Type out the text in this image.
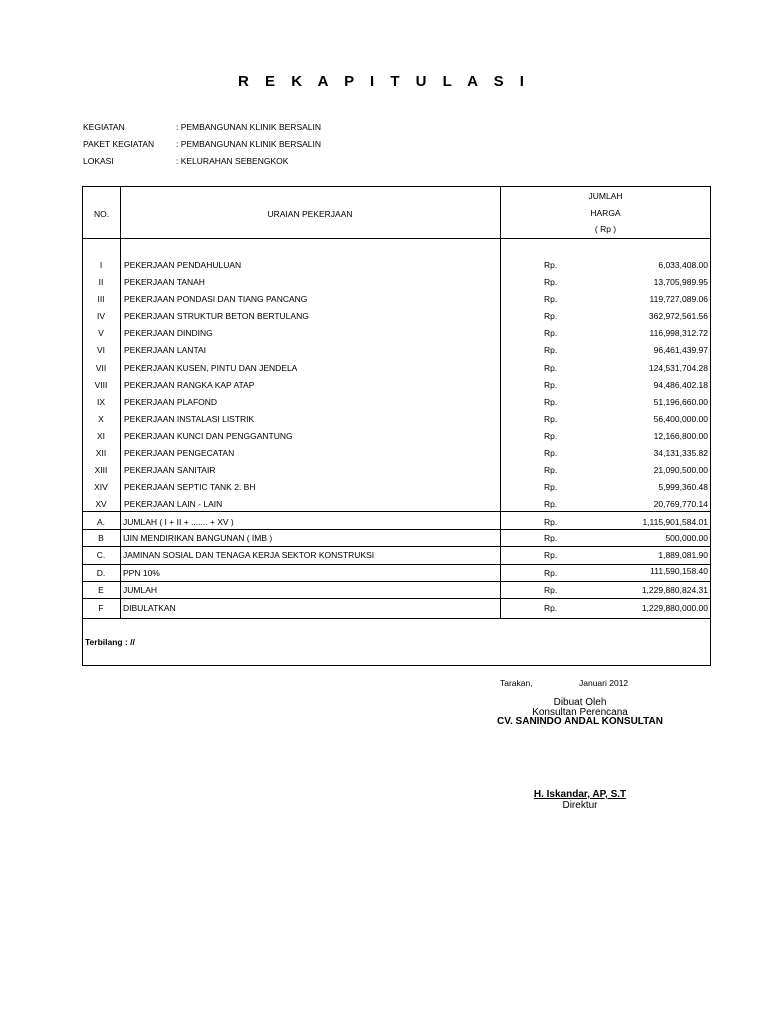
R E K A P I T U L A S I
KEGIATAN	: PEMBANGUNAN KLINIK BERSALIN
PAKET KEGIATAN	: PEMBANGUNAN KLINIK BERSALIN
LOKASI	: KELURAHAN SEBENGKOK
NO.	URAIAN PEKERJAAN
JUMLAH
HARGA
( Rp )
I	PEKERJAAN PENDAHULUAN	Rp.	6,033,408.00
II	PEKERJAAN TANAH	Rp.	13,705,989.95
III	PEKERJAAN PONDASI DAN TIANG PANCANG	Rp.	119,727,089.06
IV	PEKERJAAN STRUKTUR BETON BERTULANG	Rp.	362,972,561.56
V	PEKERJAAN DINDING	Rp.	116,998,312.72
VI	PEKERJAAN LANTAI	Rp.	96,461,439.97
VII	PEKERJAAN KUSEN, PINTU DAN JENDELA	Rp.	124,531,704.28
VIII	PEKERJAAN RANGKA KAP ATAP	Rp.	94,486,402.18
IX	PEKERJAAN PLAFOND	Rp.	51,196,660.00
X	PEKERJAAN INSTALASI LISTRIK	Rp.	56,400,000.00
XI	PEKERJAAN KUNCI DAN PENGGANTUNG	Rp.	12,166,800.00
XII	PEKERJAAN PENGECATAN	Rp.	34,131,335.82
XIII	PEKERJAAN SANITAIR	Rp.	21,090,500.00
XIV	PEKERJAAN SEPTIC TANK 2. BH	Rp.	5,999,360.48
XV	PEKERJAAN LAIN - LAIN	Rp.	20,769,770.14
A.	JUMLAH ( I + II + ....... + XV )	Rp.	1,115,901,584.01
B	IJIN MENDIRIKAN BANGUNAN ( IMB )	Rp.	500,000.00
C.	JAMINAN SOSIAL DAN TENAGA KERJA SEKTOR KONSTRUKSI	Rp.	1,889,081.90
D.	PPN 10%	Rp.	111,590,158.40
E	JUMLAH	Rp.	1,229,880,824.31
F	DIBULATKAN	Rp.	1,229,880,000.00
Terbilang : //
Tarakan,	Januari 2012
Dibuat Oleh
Konsultan Perencana
CV. SANINDO ANDAL KONSULTAN
H. Iskandar, AP, S.T
Direktur
